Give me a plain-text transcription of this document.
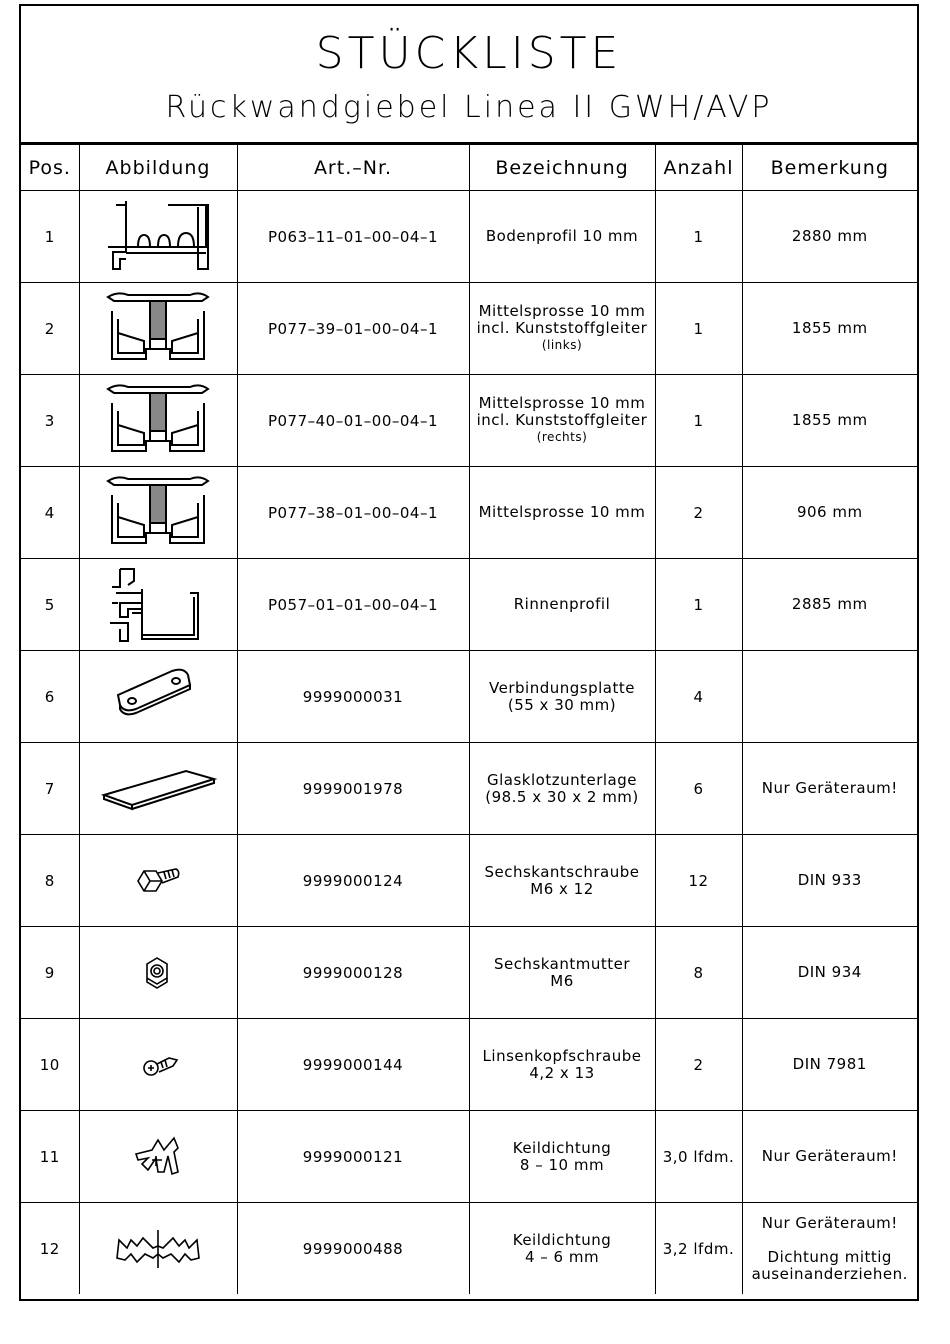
STÜCKLISTE
Rückwandgiebel Linea II GWH/AVP
Pos.	Abbildung	Art.–Nr.	Bezeichnung	Anzahl	Bemerkung
1		P063–11–01–00–04–1	Bodenprofil 10 mm	1	2880 mm

2		P077–39–01–00–04–1	Mittelsprosse 10 mm
incl. Kunststoffgleiter
(links)	1	1855 mm

3		P077–40–01–00–04–1	Mittelsprosse 10 mm
incl. Kunststoffgleiter
(rechts)	1	1855 mm

4		P077–38–01–00–04–1	Mittelsprosse 10 mm	2	906 mm

5		P057–01–01–00–04–1	Rinnenprofil	1	2885 mm

6		9999000031	Verbindungsplatte
(55 x 30 mm)	4	

7		9999001978	Glasklotzunterlage
(98.5 x 30 x 2 mm)	6	Nur Geräteraum!

8		9999000124	Sechskantschraube
M6 x 12	12	DIN 933

9		9999000128	Sechskantmutter
M6	8	DIN 934

10		9999000144	Linsenkopfschraube
4,2 x 13	2	DIN 7981

11		9999000121	Keildichtung
8 – 10 mm	3,0 lfdm.	Nur Geräteraum!

12		9999000488	Keildichtung
4 – 6 mm	3,2 lfdm.	Nur Geräteraum!

Dichtung mittig
auseinanderziehen.
